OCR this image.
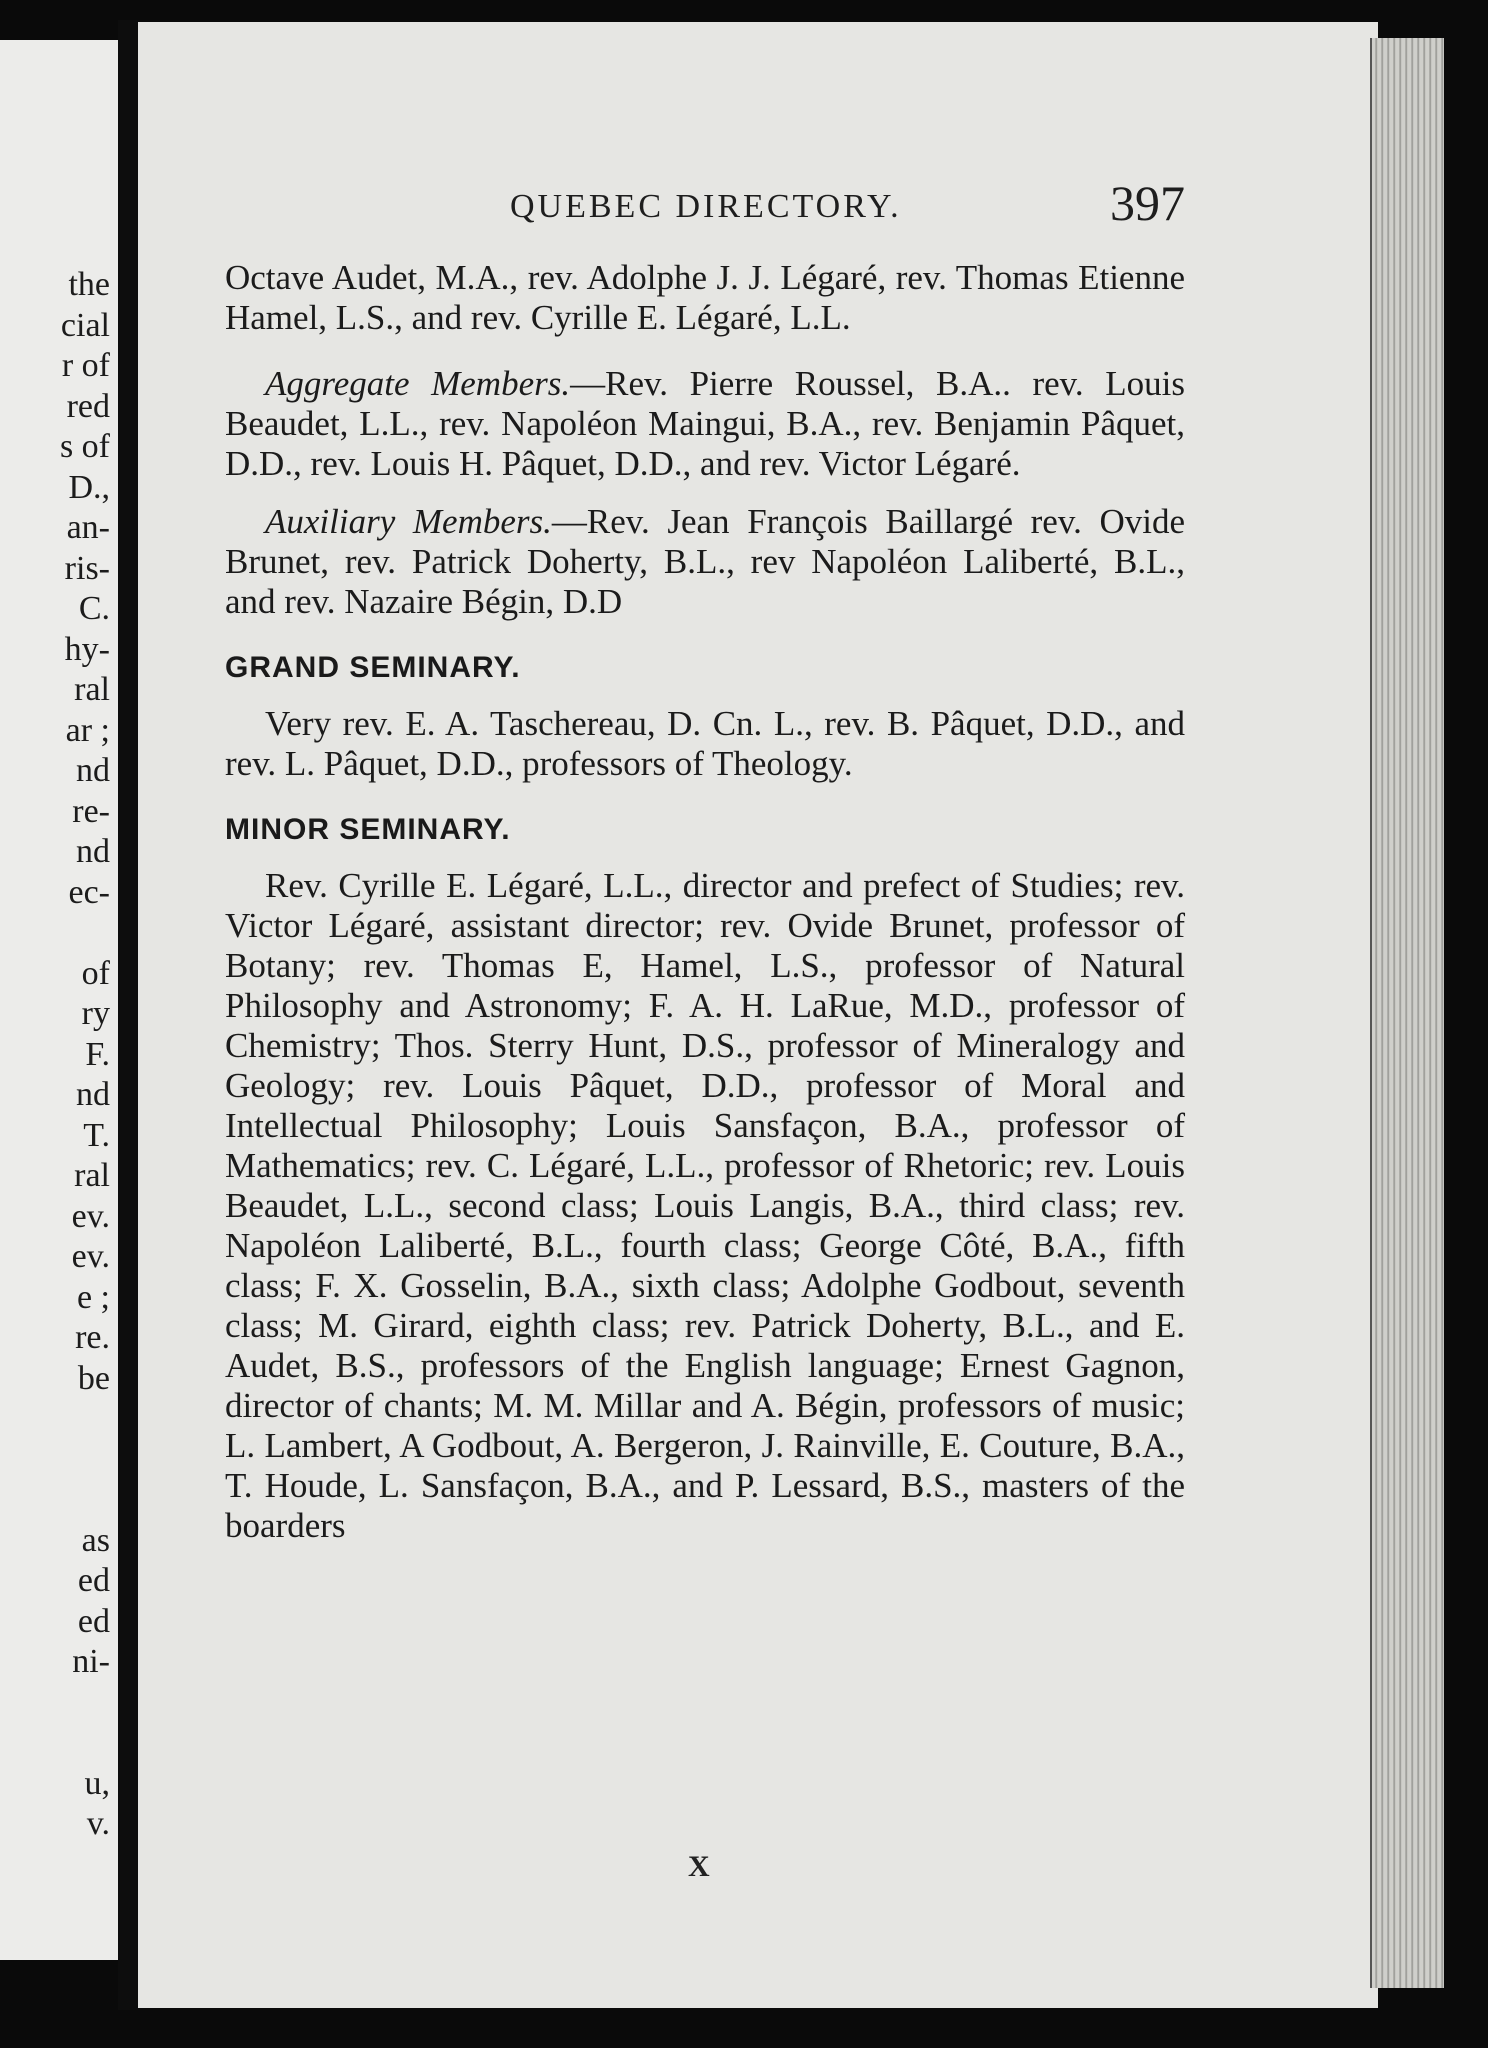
the
cial
r of
red
s of
D.,
an-
ris-
C.
hy-
ral
ar ;
nd
re-
nd
ec-
of
ry
F.
nd
T.
ral
ev.
ev.
e ;
re.
be
as
ed
ed
ni-
u,
v.
QUEBEC DIRECTORY.	397

Octave Audet, M.A., rev. Adolphe J. J. Légaré, rev. Thomas Etienne Hamel, L.S., and rev. Cyrille E. Légaré, L.L.

Aggregate Members.—Rev. Pierre Roussel, B.A.. rev. Louis Beaudet, L.L., rev. Napoléon Maingui, B.A., rev. Benjamin Pâquet, D.D., rev. Louis H. Pâquet, D.D., and rev. Victor Légaré.

Auxiliary Members.—Rev. Jean François Baillargé rev. Ovide Brunet, rev. Patrick Doherty, B.L., rev Napoléon Laliberté, B.L., and rev. Nazaire Bégin, D.D

GRAND SEMINARY.

Very rev. E. A. Taschereau, D. Cn. L., rev. B. Pâquet, D.D., and rev. L. Pâquet, D.D., professors of Theology.

MINOR SEMINARY.

Rev. Cyrille E. Légaré, L.L., director and prefect of Studies; rev. Victor Légaré, assistant director; rev. Ovide Brunet, professor of Botany; rev. Thomas E, Hamel, L.S., professor of Natural Philosophy and Astronomy; F. A. H. LaRue, M.D., professor of Chemistry; Thos. Sterry Hunt, D.S., professor of Mineralogy and Geology; rev. Louis Pâquet, D.D., professor of Moral and Intellectual Philosophy; Louis Sansfaçon, B.A., professor of Mathematics; rev. C. Légaré, L.L., professor of Rhetoric; rev. Louis Beaudet, L.L., second class; Louis Langis, B.A., third class; rev. Napoléon Laliberté, B.L., fourth class; George Côté, B.A., fifth class; F. X. Gosselin, B.A., sixth class; Adolphe Godbout, seventh class; M. Girard, eighth class; rev. Patrick Doherty, B.L., and E. Audet, B.S., professors of the English language; Ernest Gagnon, director of chants; M. M. Millar and A. Bégin, professors of music; L. Lambert, A Godbout, A. Bergeron, J. Rainville, E. Couture, B.A., T. Houde, L. Sansfaçon, B.A., and P. Lessard, B.S., masters of the boarders

X
